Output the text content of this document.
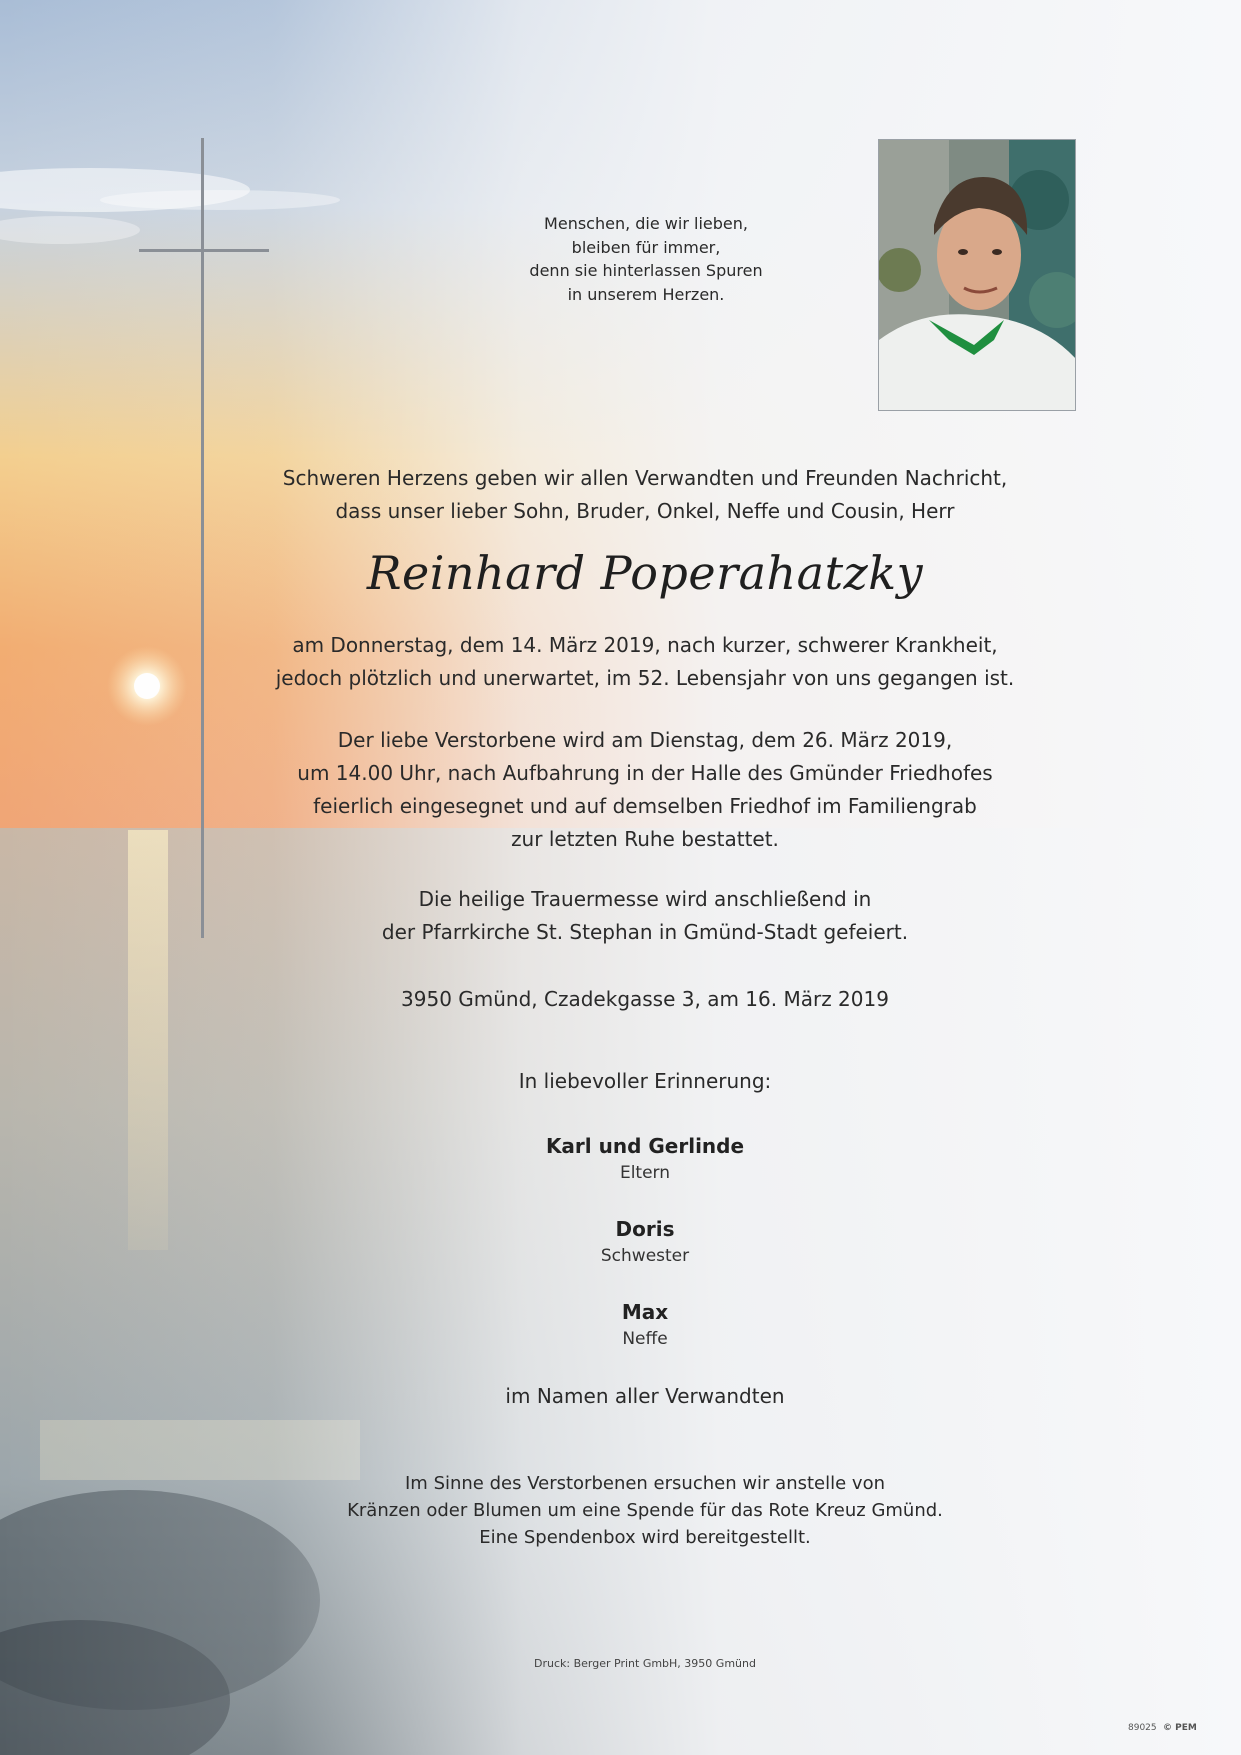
Menschen, die wir lieben,
bleiben für immer,
denn sie hinterlassen Spuren
in unserem Herzen.
Schweren Herzens geben wir allen Verwandten und Freunden Nachricht,
dass unser lieber Sohn, Bruder, Onkel, Neffe und Cousin, Herr
Reinhard Poperahatzky
am Donnerstag, dem 14. März 2019, nach kurzer, schwerer Krankheit,
jedoch plötzlich und unerwartet, im 52. Lebensjahr von uns gegangen ist.
Der liebe Verstorbene wird am Dienstag, dem 26. März 2019,
um 14.00 Uhr, nach Aufbahrung in der Halle des Gmünder Friedhofes
feierlich eingesegnet und auf demselben Friedhof im Familiengrab
zur letzten Ruhe bestattet.
Die heilige Trauermesse wird anschließend in
der Pfarrkirche St. Stephan in Gmünd-Stadt gefeiert.
3950 Gmünd, Czadekgasse 3, am 16. März 2019
In liebevoller Erinnerung:
Karl und Gerlinde
Eltern
Doris
Schwester
Max
Neffe
im Namen aller Verwandten
Im Sinne des Verstorbenen ersuchen wir anstelle von
Kränzen oder Blumen um eine Spende für das Rote Kreuz Gmünd.
Eine Spendenbox wird bereitgestellt.
Druck: Berger Print GmbH, 3950 Gmünd
89025 © PEM
